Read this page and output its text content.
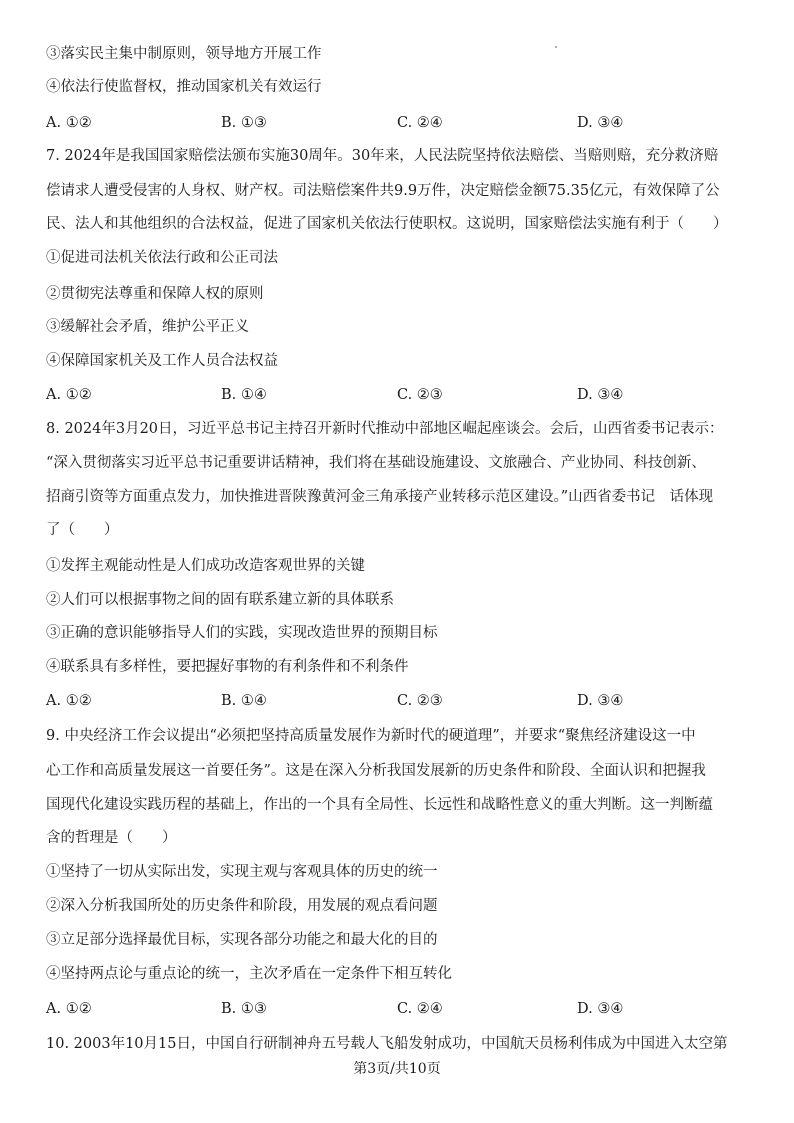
③落实民主集中制原则，领导地方开展工作
④依法行使监督权，推动国家机关有效运行
A. ①②	B. ①③	C. ②④	D. ③④
7. 2024年是我国国家赔偿法颁布实施30周年。30年来，人民法院坚持依法赔偿、当赔则赔，充分救济赔
偿请求人遭受侵害的人身权、财产权。司法赔偿案件共9.9万件，决定赔偿金额75.35亿元，有效保障了公
民、法人和其他组织的合法权益，促进了国家机关依法行使职权。这说明，国家赔偿法实施有利于（　　）
①促进司法机关依法行政和公正司法
②贯彻宪法尊重和保障人权的原则
③缓解社会矛盾，维护公平正义
④保障国家机关及工作人员合法权益
A. ①②	B. ①④	C. ②③	D. ③④
8. 2024年3月20日，习近平总书记主持召开新时代推动中部地区崛起座谈会。会后，山西省委书记表示：
“深入贯彻落实习近平总书记重要讲话精神，我们将在基础设施建设、文旅融合、产业协同、科技创新、
招商引资等方面重点发力，加快推进晋陕豫黄河金三角承接产业转移示范区建设。”山西省委书记　话体现
了（　　）
①发挥主观能动性是人们成功改造客观世界的关键
②人们可以根据事物之间的固有联系建立新的具体联系
③正确的意识能够指导人们的实践，实现改造世界的预期目标
④联系具有多样性，要把握好事物的有利条件和不利条件
A. ①②	B. ①④	C. ②③	D. ③④
9. 中央经济工作会议提出“必须把坚持高质量发展作为新时代的硬道理”，并要求“聚焦经济建设这一中
心工作和高质量发展这一首要任务”。这是在深入分析我国发展新的历史条件和阶段、全面认识和把握我
国现代化建设实践历程的基础上，作出的一个具有全局性、长远性和战略性意义的重大判断。这一判断蕴
含的哲理是（　　）
①坚持了一切从实际出发，实现主观与客观具体的历史的统一
②深入分析我国所处的历史条件和阶段，用发展的观点看问题
③立足部分选择最优目标，实现各部分功能之和最大化的目的
④坚持两点论与重点论的统一，主次矛盾在一定条件下相互转化
A. ①②	B. ①③	C. ②④	D. ③④
10. 2003年10月15日，中国自行研制神舟五号载人飞船发射成功，中国航天员杨利伟成为中国进入太空第
第3页/共10页
